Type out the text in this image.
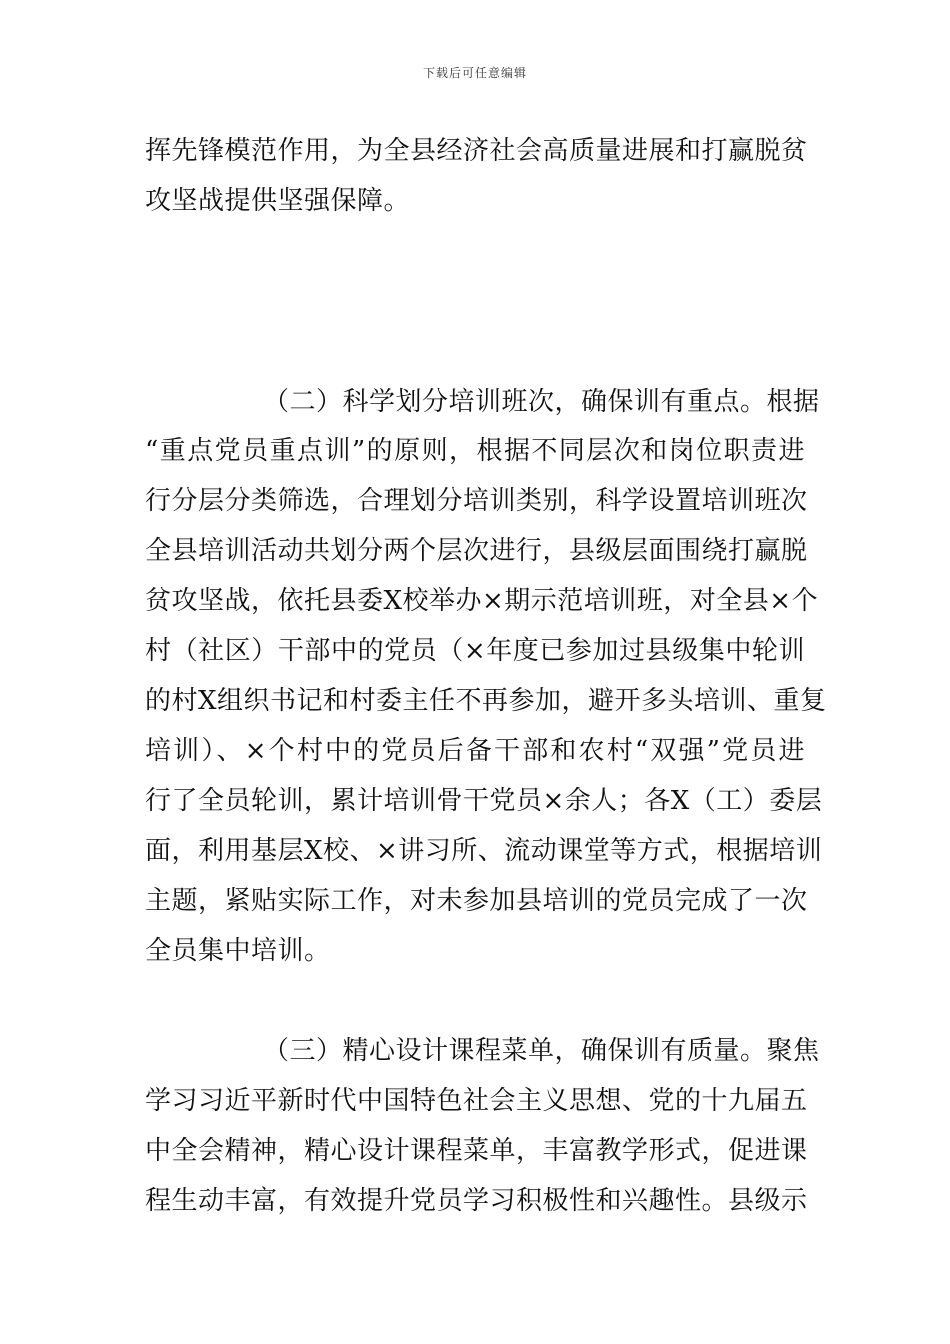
下载后可任意编辑
挥先锋模范作用，为全县经济社会高质量进展和打赢脱贫
攻坚战提供坚强保障。
（二）科学划分培训班次，确保训有重点。根据
“重点党员重点训”的原则，根据不同层次和岗位职责进
行分层分类筛选，合理划分培训类别，科学设置培训班次
全县培训活动共划分两个层次进行，县级层面围绕打赢脱
贫攻坚战，依托县委X校举办×期示范培训班，对全县×个
村（社区）干部中的党员（×年度已参加过县级集中轮训
的村X组织书记和村委主任不再参加，避开多头培训、重复
培训）、×个村中的党员后备干部和农村“双强”党员进
行了全员轮训，累计培训骨干党员×余人；各X（工）委层
面，利用基层X校、×讲习所、流动课堂等方式，根据培训
主题，紧贴实际工作，对未参加县培训的党员完成了一次
全员集中培训。
（三）精心设计课程菜单，确保训有质量。聚焦
学习习近平新时代中国特色社会主义思想、党的十九届五
中全会精神，精心设计课程菜单，丰富教学形式，促进课
程生动丰富，有效提升党员学习积极性和兴趣性。县级示
